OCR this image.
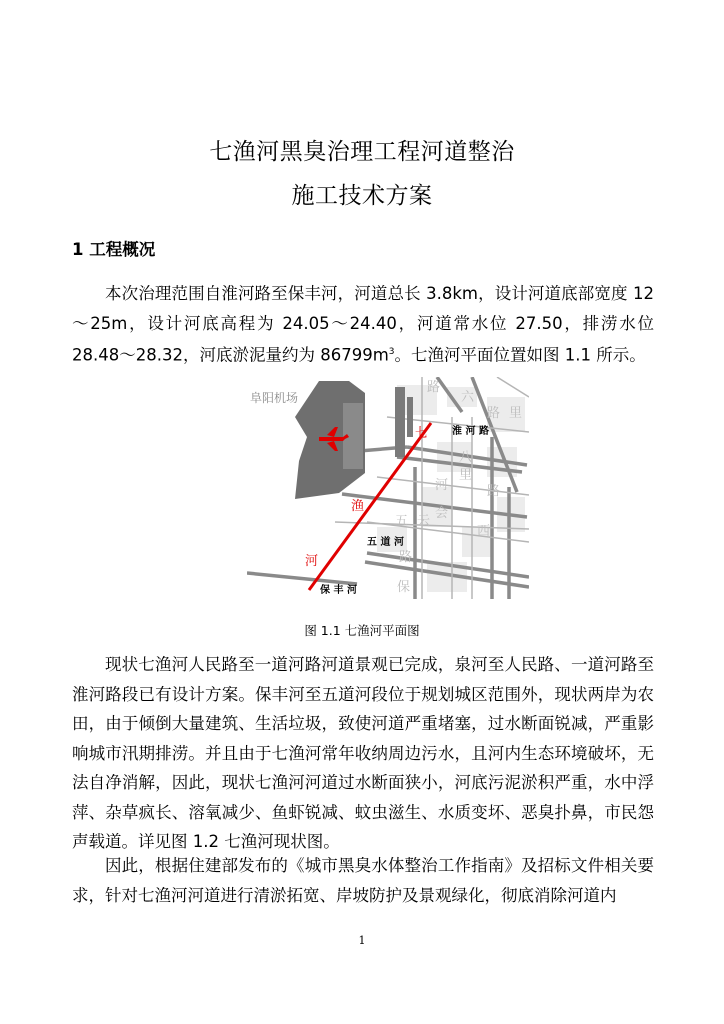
七渔河黑臭治理工程河道整治
施工技术方案
1 工程概况

本次治理范围自淮河路至保丰河，河道总长 3.8km，设计河道底部宽度 12～25m，设计河底高程为 24.05～24.40，河道常水位 27.50，排涝水位 28.48～28.32，河底淤泥量约为 $86799m^3$。七渔河平面位置如图 1.1 所示。

阜阳机场
七
渔
河
淮 河 路
五 道 河
保 丰 河
路
六
里
路
八
里
河
会
路
五 云
西
路
保
图 1.1 七渔河平面图

现状七渔河人民路至一道河路河道景观已完成，泉河至人民路、一道河路至淮河路段已有设计方案。保丰河至五道河段位于规划城区范围外，现状两岸为农田，由于倾倒大量建筑、生活垃圾，致使河道严重堵塞，过水断面锐减，严重影响城市汛期排涝。并且由于七渔河常年收纳周边污水，且河内生态环境破坏，无法自净消解，因此，现状七渔河河道过水断面狭小，河底污泥淤积严重，水中浮萍、杂草疯长、溶氧减少、鱼虾锐减、蚊虫滋生、水质变坏、恶臭扑鼻，市民怨声载道。详见图 1.2 七渔河现状图。

因此，根据住建部发布的《城市黑臭水体整治工作指南》及招标文件相关要求，针对七渔河河道进行清淤拓宽、岸坡防护及景观绿化，彻底消除河道内

1
